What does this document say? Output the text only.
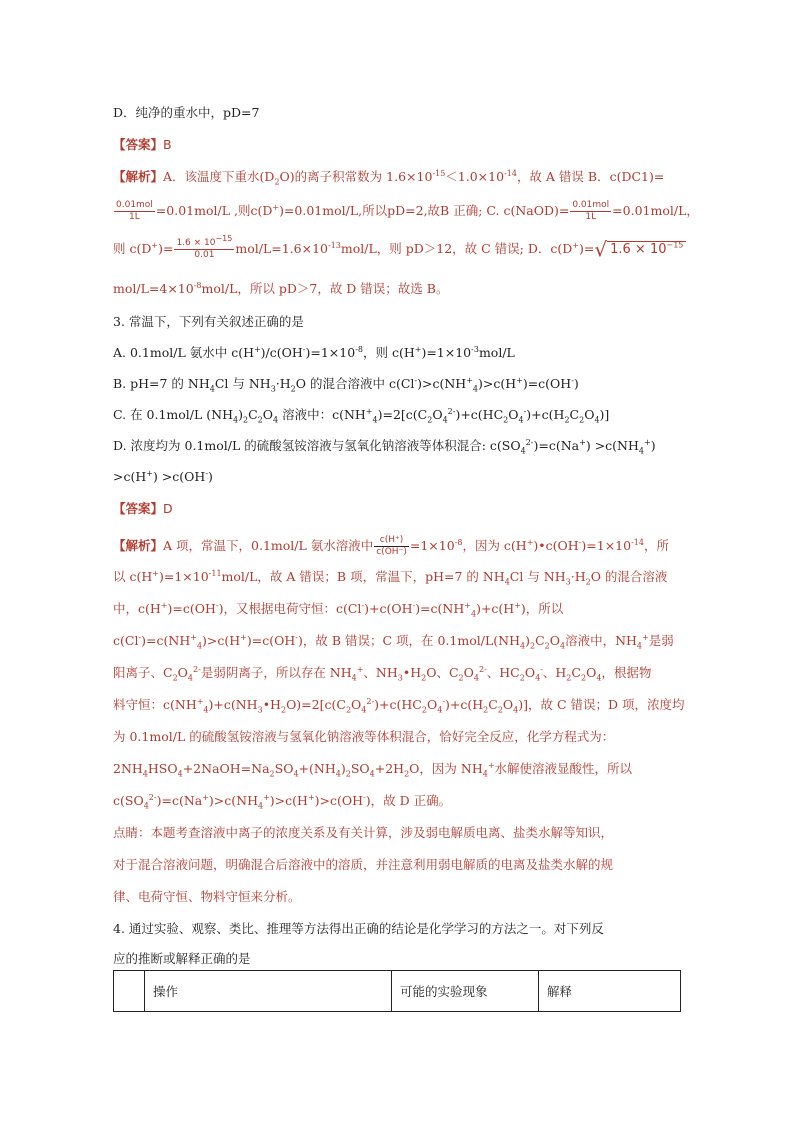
D．纯净的重水中，pD=7
【答案】B
【解析】A．该温度下重水$(D_2O)$的离子积常数为 $1.6\times 10^{-15}<1.0\times 10^{-14}$，故 A 错误 B．c(DC1)=
$\frac{\text{0.01mol}}{1L} =0.01mol/L$ ,则c(D+)=0.01mol/L,所以pD=2,故B 正确; C. c(NaOD)= $\frac{\text{0.01mol}}{1L} =0.01mol/L$，
则 $c(D^+)= \frac{1.6 \times 10^{-15}}{0.01} mol/L=1.6\times 10^{-13}mol/L$，则 pD＞12，故 C 错误; D．c(D+)=√ $1.6 \times 10^{-15}$
mol/$L=4\times 10^{-8}mol/L$，所以 pD＞7，故 D 错误；故选 B。
3. 常温下，下列有关叙述正确的是
A. 0.1mol/L 氨水中 $c(H^+)/c(OH^-)=1\times 10^{-8}$，则 $c(H^+)=1\times 10^{-3}mol/L$
B. pH=7 的 $NH_4Cl$ 与 $NH_3\cdot H_2O$ 的混合溶液中 $c(Cl^-)>c(NH^+_4)>c(H^+)=c(OH^-)$
C. 在 0.1mol/L $(NH_4)_2C_2O_4$ 溶液中：$c(NH^+_4)=2[c(C_2O_4^{2-})+c(HC_2O_4^-)+c(H_2C_2O_4)]$
D. 浓度均为 0.1mol/L 的硫酸氢铵溶液与氢氧化钠溶液等体积混合: $c(SO_4^{2-})=c(Na^+) >c(NH_4^+)$
>c(H+) >c(OH-)
【答案】D
【解析】A 项，常温下，0.1mol/L 氨水溶液中 $\frac{c(H^+)}{c(OH^-)} =1\times 10^{-8}$，因为 $c(H^+)•c(OH^-)=1\times 10^{-14}$，所
以 $c(H^+)=1\times 10^{-11}mol/L$，故 A 错误；B 项，常温下，pH=7 的 $NH_4Cl$ 与 $NH_3\cdot H_2O$ 的混合溶液
中，c(H+)=c(OH-)，又根据电荷守恒：$c(Cl^-)+c(OH^-)=c(NH^+_4)+c(H^+)$，所以
$c(Cl^-)=c(NH^+_4)>c(H^+)=c(OH^-)$，故 B 错误；C 项，在 $0.1mol/L(NH_4)_2C_2O_4$溶液中，$NH_4^+$是弱
阳离子、$C_2O_4^{2-}$是弱阴离子，所以存在 $NH_4^+$、$NH_3•H_2O$、$C_2O_4^{2-}$、$HC_2O_4^-$、$H_2C_2O_4$，根据物
料守恒：$c(NH^+_4)+c(NH_3•H_2O)=2[c(C_2O_4^{2-})+c(HC_2O_4^-)+c(H_2C_2O_4)]$，故 C 错误；D 项，浓度均
为 0.1mol/L 的硫酸氢铵溶液与氢氧化钠溶液等体积混合，恰好完全反应，化学方程式为：
$2NH_4HSO_4+2NaOH=Na_2SO_4+(NH_4)_2SO_4+2H_2O$，因为 $NH_4^+$水解使溶液显酸性，所以
$c(SO_4^{2-})=c(Na^+)>c(NH_4^+)>c(H^+)>c(OH^-)$，故 D 正确。
点睛：本题考查溶液中离子的浓度关系及有关计算，涉及弱电解质电离、盐类水解等知识，
对于混合溶液问题，明确混合后溶液中的溶质，并注意利用弱电解质的电离及盐类水解的规
律、电荷守恒、物料守恒来分析。
4. 通过实验、观察、类比、推理等方法得出正确的结论是化学学习的方法之一。对下列反
应的推断或解释正确的是
	操作	可能的实验现象	解释
